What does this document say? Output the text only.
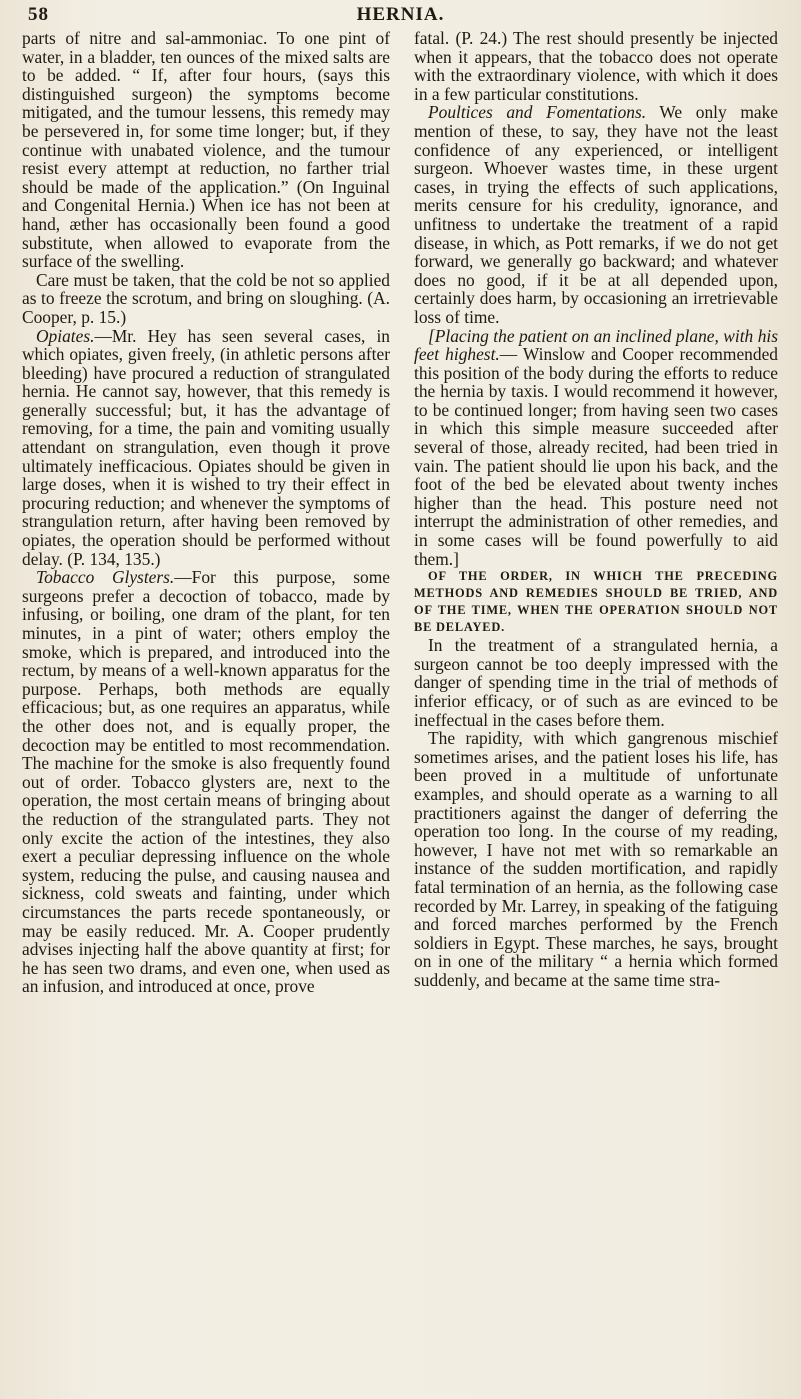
58	HERNIA.

parts of nitre and sal-ammoniac. To one pint of water, in a bladder, ten ounces of the mixed salts are to be added. “ If, after four hours, (says this distinguished surgeon) the symptoms become mitigated, and the tumour lessens, this remedy may be persevered in, for some time longer; but, if they continue with unabated violence, and the tumour resist every attempt at reduction, no farther trial should be made of the application.” (On Inguinal and Congenital Hernia.) When ice has not been at hand, æther has occasionally been found a good substitute, when allowed to evaporate from the surface of the swelling.

Care must be taken, that the cold be not so applied as to freeze the scrotum, and bring on sloughing. (A. Cooper, p. 15.)

Opiates.—Mr. Hey has seen several cases, in which opiates, given freely, (in athletic persons after bleeding) have procured a reduction of strangulated hernia. He cannot say, however, that this remedy is generally successful; but, it has the advantage of removing, for a time, the pain and vomiting usually attendant on strangulation, even though it prove ultimately inefficacious. Opiates should be given in large doses, when it is wished to try their effect in procuring reduction; and whenever the symptoms of strangulation return, after having been removed by opiates, the operation should be performed without delay. (P. 134, 135.)

Tobacco Glysters.—For this purpose, some surgeons prefer a decoction of tobacco, made by infusing, or boiling, one dram of the plant, for ten minutes, in a pint of water; others employ the smoke, which is prepared, and introduced into the rectum, by means of a well-known apparatus for the purpose. Perhaps, both methods are equally efficacious; but, as one requires an apparatus, while the other does not, and is equally proper, the decoction may be entitled to most recommendation. The machine for the smoke is also frequently found out of order. Tobacco glysters are, next to the operation, the most certain means of bringing about the reduction of the strangulated parts. They not only excite the action of the intestines, they also exert a peculiar depressing influence on the whole system, reducing the pulse, and causing nausea and sickness, cold sweats and fainting, under which circumstances the parts recede spontaneously, or may be easily reduced. Mr. A. Cooper prudently advises injecting half the above quantity at first; for he has seen two drams, and even one, when used as an infusion, and introduced at once, prove

fatal. (P. 24.) The rest should presently be injected when it appears, that the tobacco does not operate with the extraordinary violence, with which it does in a few particular constitutions.

Poultices and Fomentations. We only make mention of these, to say, they have not the least confidence of any experienced, or intelligent surgeon. Whoever wastes time, in these urgent cases, in trying the effects of such applications, merits censure for his credulity, ignorance, and unfitness to undertake the treatment of a rapid disease, in which, as Pott remarks, if we do not get forward, we generally go backward; and whatever does no good, if it be at all depended upon, certainly does harm, by occasioning an irretrievable loss of time.

[Placing the patient on an inclined plane, with his feet highest.— Winslow and Cooper recommended this position of the body during the efforts to reduce the hernia by taxis. I would recommend it however, to be continued longer; from having seen two cases in which this simple measure succeeded after several of those, already recited, had been tried in vain. The patient should lie upon his back, and the foot of the bed be elevated about twenty inches higher than the head. This posture need not interrupt the administration of other remedies, and in some cases will be found powerfully to aid them.]

OF THE ORDER, IN WHICH THE PRECEDING METHODS AND REMEDIES SHOULD BE TRIED, AND OF THE TIME, WHEN THE OPERATION SHOULD NOT BE DELAYED.

In the treatment of a strangulated hernia, a surgeon cannot be too deeply impressed with the danger of spending time in the trial of methods of inferior efficacy, or of such as are evinced to be ineffectual in the cases before them.

The rapidity, with which gangrenous mischief sometimes arises, and the patient loses his life, has been proved in a multitude of unfortunate examples, and should operate as a warning to all practitioners against the danger of deferring the operation too long. In the course of my reading, however, I have not met with so remarkable an instance of the sudden mortification, and rapidly fatal termination of an hernia, as the following case recorded by Mr. Larrey, in speaking of the fatiguing and forced marches performed by the French soldiers in Egypt. These marches, he says, brought on in one of the military “ a hernia which formed suddenly, and became at the same time stra-
